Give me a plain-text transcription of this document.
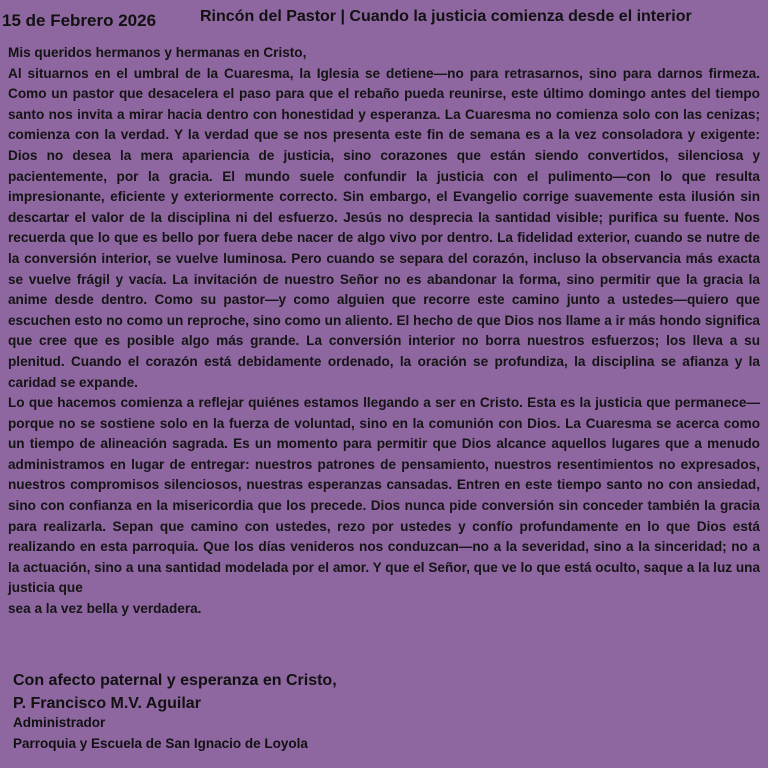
15 de Febrero 2026	Rincón del Pastor | Cuando la justicia comienza desde el interior

Mis queridos hermanos y hermanas en Cristo,

Al situarnos en el umbral de la Cuaresma, la Iglesia se detiene—no para retrasarnos, sino para darnos firmeza. Como un pastor que desacelera el paso para que el rebaño pueda reunirse, este último domingo antes del tiempo santo nos invita a mirar hacia dentro con honestidad y esperanza. La Cuaresma no comienza solo con las cenizas; comienza con la verdad. Y la verdad que se nos presenta este fin de semana es a la vez consoladora y exigente: Dios no desea la mera apariencia de justicia, sino corazones que están siendo convertidos, silenciosa y pacientemente, por la gracia. El mundo suele confundir la justicia con el pulimento—con lo que resulta impresionante, eficiente y exteriormente correcto. Sin embargo, el Evangelio corrige suavemente esta ilusión sin descartar el valor de la disciplina ni del esfuerzo. Jesús no desprecia la santidad visible; purifica su fuente. Nos recuerda que lo que es bello por fuera debe nacer de algo vivo por dentro. La fidelidad exterior, cuando se nutre de la conversión interior, se vuelve luminosa. Pero cuando se separa del corazón, incluso la observancia más exacta se vuelve frágil y vacía. La invitación de nuestro Señor no es abandonar la forma, sino permitir que la gracia la anime desde dentro. Como su pastor—y como alguien que recorre este camino junto a ustedes—quiero que escuchen esto no como un reproche, sino como un aliento. El hecho de que Dios nos llame a ir más hondo significa que cree que es posible algo más grande. La conversión interior no borra nuestros esfuerzos; los lleva a su plenitud. Cuando el corazón está debidamente ordenado, la oración se profundiza, la disciplina se afianza y la caridad se expande.

Lo que hacemos comienza a reflejar quiénes estamos llegando a ser en Cristo. Esta es la justicia que permanece—porque no se sostiene solo en la fuerza de voluntad, sino en la comunión con Dios. La Cuaresma se acerca como un tiempo de alineación sagrada. Es un momento para permitir que Dios alcance aquellos lugares que a menudo administramos en lugar de entregar: nuestros patrones de pensamiento, nuestros resentimientos no expresados, nuestros compromisos silenciosos, nuestras esperanzas cansadas. Entren en este tiempo santo no con ansiedad, sino con confianza en la misericordia que los precede. Dios nunca pide conversión sin conceder también la gracia para realizarla. Sepan que camino con ustedes, rezo por ustedes y confío profundamente en lo que Dios está realizando en esta parroquia. Que los días venideros nos conduzcan—no a la severidad, sino a la sinceridad; no a la actuación, sino a una santidad modelada por el amor. Y que el Señor, que ve lo que está oculto, saque a la luz una justicia que

sea a la vez bella y verdadera.

Con afecto paternal y esperanza en Cristo,
P. Francisco M.V. Aguilar
Administrador
Parroquia y Escuela de San Ignacio de Loyola
